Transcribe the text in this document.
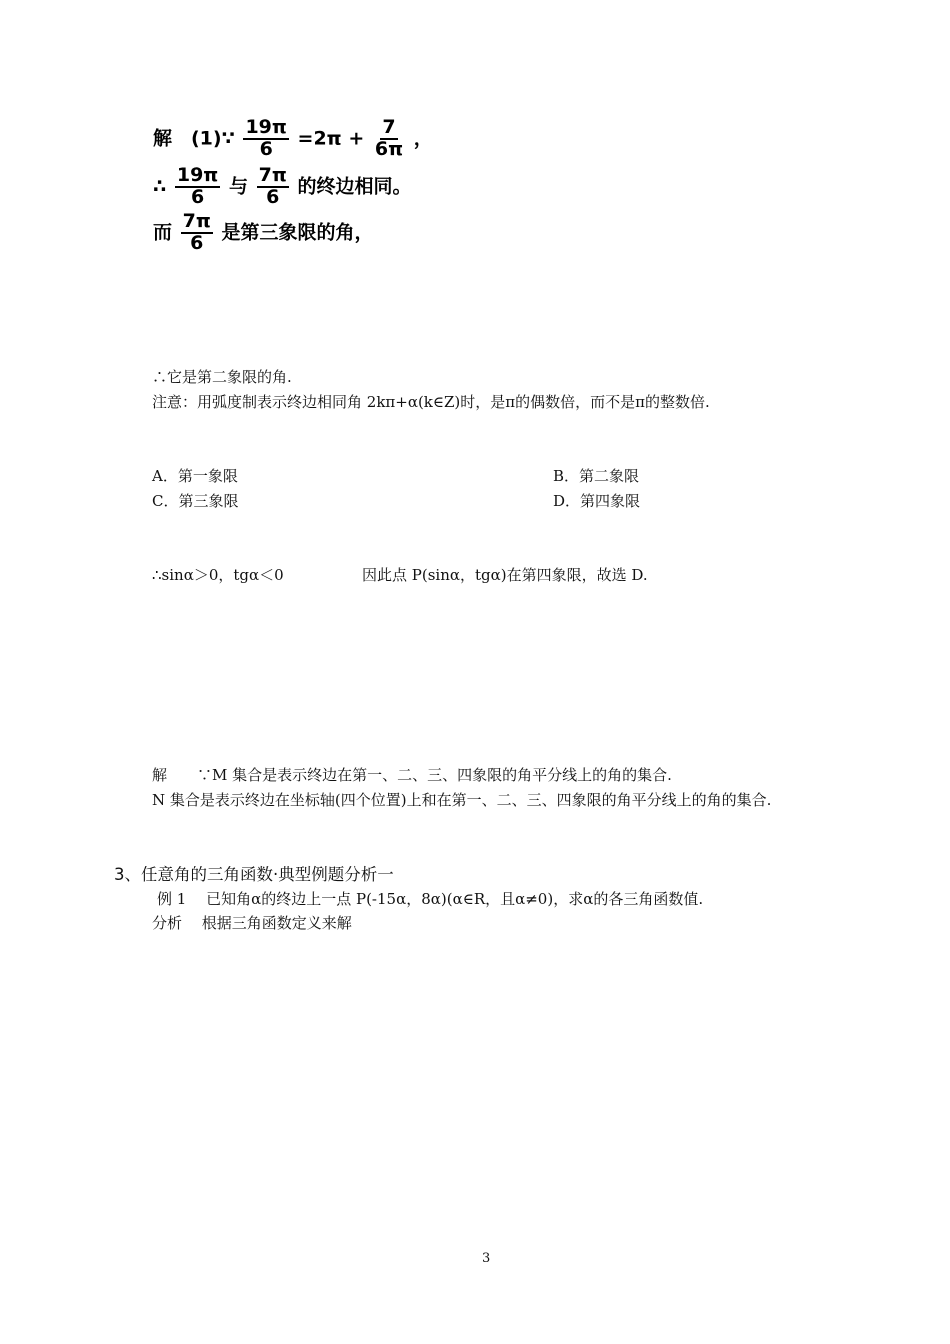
解　(1)∵ $\frac{19\pi}{6} =2\pi + \frac{7}{6\pi}$ ，
∴ $\frac{19\pi}{6}$ 与 $\frac{7\pi}{6}$ 的终边相同。
而 $\frac{7\pi}{6}$ 是第三象限的角，
∴它是第二象限的角.
注意：用弧度制表示终边相同角 2kπ+α(k∈Z)时，是π的偶数倍，而不是π的整数倍.
A．第一象限	B．第二象限
C．第三象限	D．第四象限
∴sinα＞0，tgα＜0	因此点 P(sinα，tgα)在第四象限，故选 D.
解　　∵M 集合是表示终边在第一、二、三、四象限的角平分线上的角的集合.
N 集合是表示终边在坐标轴(四个位置)上和在第一、二、三、四象限的角平分线上的角的集合.
3、任意角的三角函数·典型例题分析一
例 1　 已知角α的终边上一点 P(-15α，8α)(α∈R，且α≠0)，求α的各三角函数值.
分析　 根据三角函数定义来解
3
